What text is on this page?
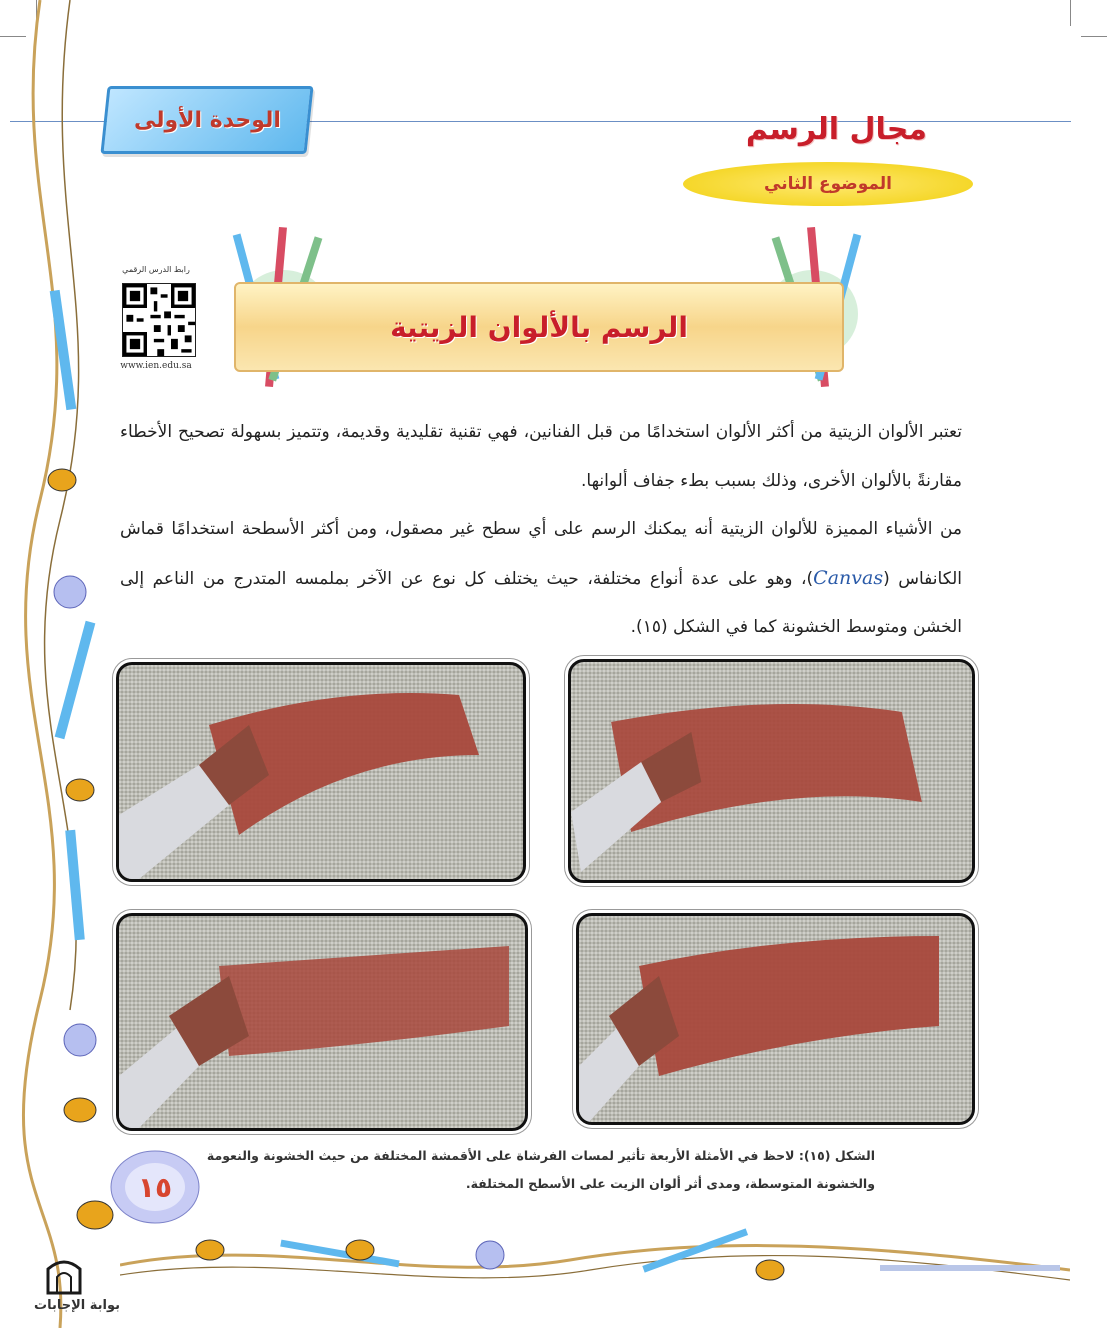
الوحدة الأولى	مجال الرسم
الموضوع الثاني
رابط الدرس الرقمي
www.ien.edu.sa
الرسم بالألوان الزيتية

تعتبر الألوان الزيتية من أكثر الألوان استخدامًا من قبل الفنانين، فهي تقنية تقليدية وقديمة، وتتميز بسهولة تصحيح الأخطاء مقارنةً بالألوان الأخرى، وذلك بسبب بطء جفاف ألوانها.

من الأشياء المميزة للألوان الزيتية أنه يمكنك الرسم على أي سطح غير مصقول، ومن أكثر الأسطحة استخدامًا قماش الكانفاس (Canvas)، وهو على عدة أنواع مختلفة، حيث يختلف كل نوع عن الآخر بملمسه المتدرج من الناعم إلى الخشن ومتوسط الخشونة كما في الشكل (١٥).

الشكل (١٥): لاحظ في الأمثلة الأربعة تأثير لمسات الفرشاة على الأقمشة المختلفة من حيث الخشونة والنعومة
والخشونة المتوسطة، ومدى أثر ألوان الزيت على الأسطح المختلفة.
١٥
بوابة الإجابات
